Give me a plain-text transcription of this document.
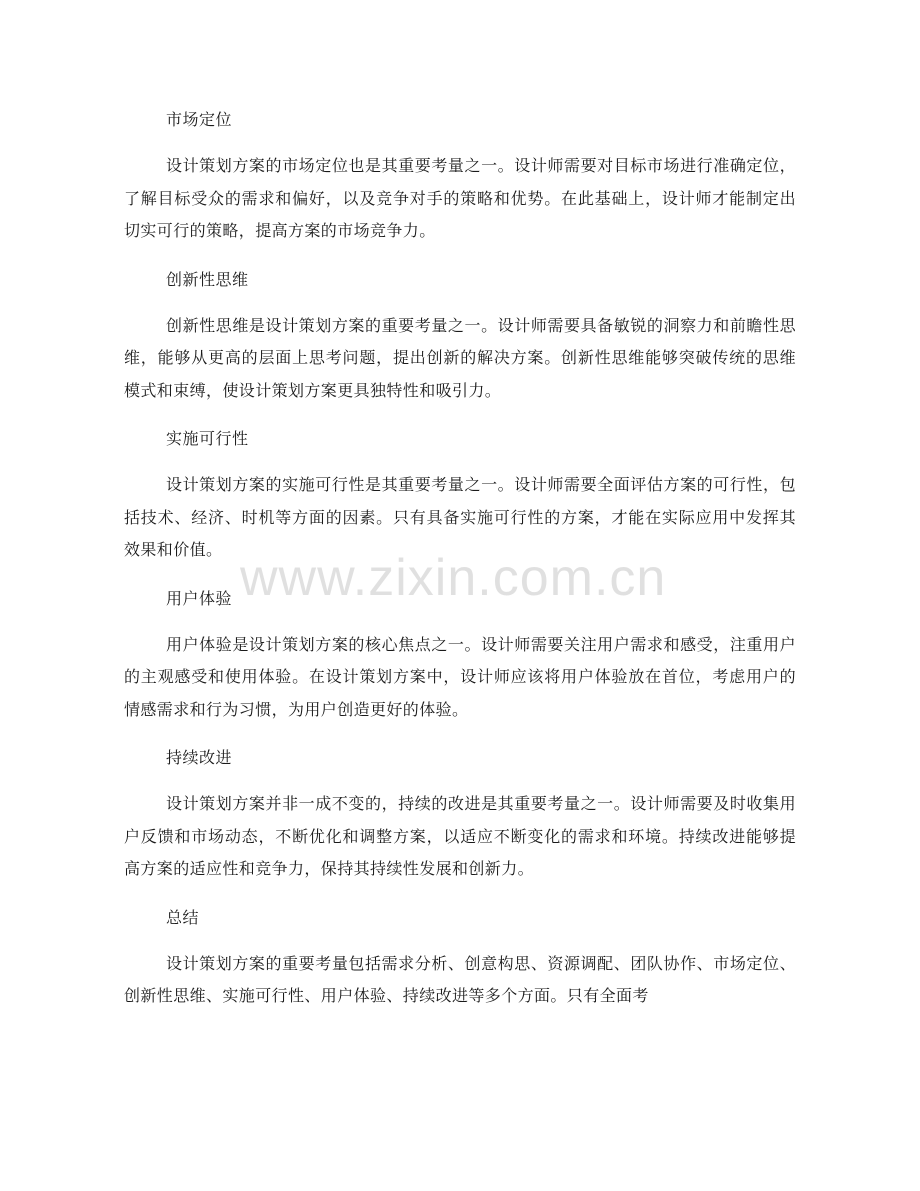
市场定位

设计策划方案的市场定位也是其重要考量之一。设计师需要对目标市场进行准确定位，了解目标受众的需求和偏好，以及竞争对手的策略和优势。在此基础上，设计师才能制定出切实可行的策略，提高方案的市场竞争力。

创新性思维

创新性思维是设计策划方案的重要考量之一。设计师需要具备敏锐的洞察力和前瞻性思维，能够从更高的层面上思考问题，提出创新的解决方案。创新性思维能够突破传统的思维模式和束缚，使设计策划方案更具独特性和吸引力。

实施可行性

设计策划方案的实施可行性是其重要考量之一。设计师需要全面评估方案的可行性，包括技术、经济、时机等方面的因素。只有具备实施可行性的方案，才能在实际应用中发挥其效果和价值。

用户体验

用户体验是设计策划方案的核心焦点之一。设计师需要关注用户需求和感受，注重用户的主观感受和使用体验。在设计策划方案中，设计师应该将用户体验放在首位，考虑用户的情感需求和行为习惯，为用户创造更好的体验。

持续改进

设计策划方案并非一成不变的，持续的改进是其重要考量之一。设计师需要及时收集用户反馈和市场动态，不断优化和调整方案，以适应不断变化的需求和环境。持续改进能够提高方案的适应性和竞争力，保持其持续性发展和创新力。

总结

设计策划方案的重要考量包括需求分析、创意构思、资源调配、团队协作、市场定位、创新性思维、实施可行性、用户体验、持续改进等多个方面。只有全面考

www.zixin.com.cn
